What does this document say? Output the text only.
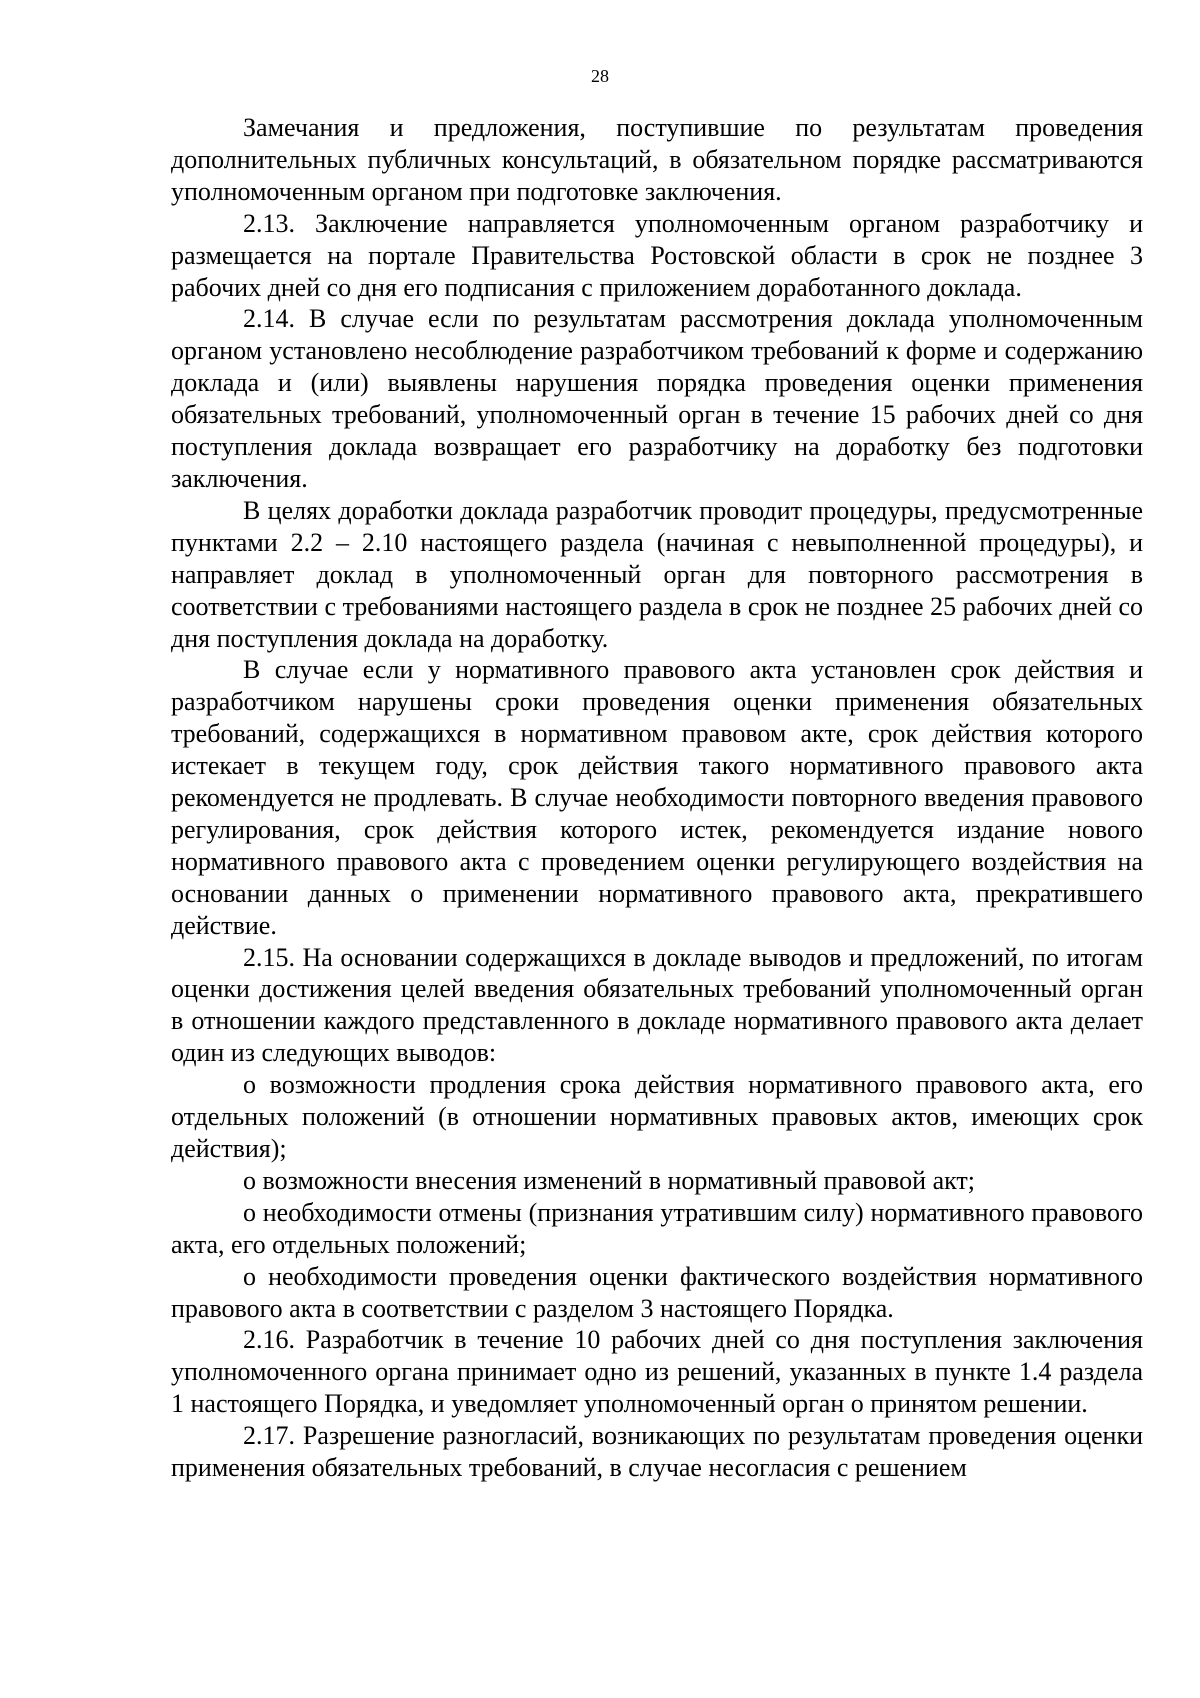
28

Замечания и предложения, поступившие по результатам проведения дополнительных публичных консультаций, в обязательном порядке рассматриваются уполномоченным органом при подготовке заключения.

2.13. Заключение направляется уполномоченным органом разработчику и размещается на портале Правительства Ростовской области в срок не позднее 3 рабочих дней со дня его подписания с приложением доработанного доклада.

2.14. В случае если по результатам рассмотрения доклада уполномоченным органом установлено несоблюдение разработчиком требований к форме и содержанию доклада и (или) выявлены нарушения порядка проведения оценки применения обязательных требований, уполномоченный орган в течение 15 рабочих дней со дня поступления доклада возвращает его разработчику на доработку без подготовки заключения.

В целях доработки доклада разработчик проводит процедуры, предусмотренные пунктами 2.2 – 2.10 настоящего раздела (начиная с невыполненной процедуры), и направляет доклад в уполномоченный орган для повторного рассмотрения в соответствии с требованиями настоящего раздела в срок не позднее 25 рабочих дней со дня поступления доклада на доработку.

В случае если у нормативного правового акта установлен срок действия и разработчиком нарушены сроки проведения оценки применения обязательных требований, содержащихся в нормативном правовом акте, срок действия которого истекает в текущем году, срок действия такого нормативного правового акта рекомендуется не продлевать. В случае необходимости повторного введения правового регулирования, срок действия которого истек, рекомендуется издание нового нормативного правового акта с проведением оценки регулирующего воздействия на основании данных о применении нормативного правового акта, прекратившего действие.

2.15. На основании содержащихся в докладе выводов и предложений, по итогам оценки достижения целей введения обязательных требований уполномоченный орган в отношении каждого представленного в докладе нормативного правового акта делает один из следующих выводов:

о возможности продления срока действия нормативного правового акта, его отдельных положений (в отношении нормативных правовых актов, имеющих срок действия);

о возможности внесения изменений в нормативный правовой акт;

о необходимости отмены (признания утратившим силу) нормативного правового акта, его отдельных положений;

о необходимости проведения оценки фактического воздействия нормативного правового акта в соответствии с разделом 3 настоящего Порядка.

2.16. Разработчик в течение 10 рабочих дней со дня поступления заключения уполномоченного органа принимает одно из решений, указанных в пункте 1.4 раздела 1 настоящего Порядка, и уведомляет уполномоченный орган о принятом решении.

2.17. Разрешение разногласий, возникающих по результатам проведения оценки применения обязательных требований, в случае несогласия с решением
